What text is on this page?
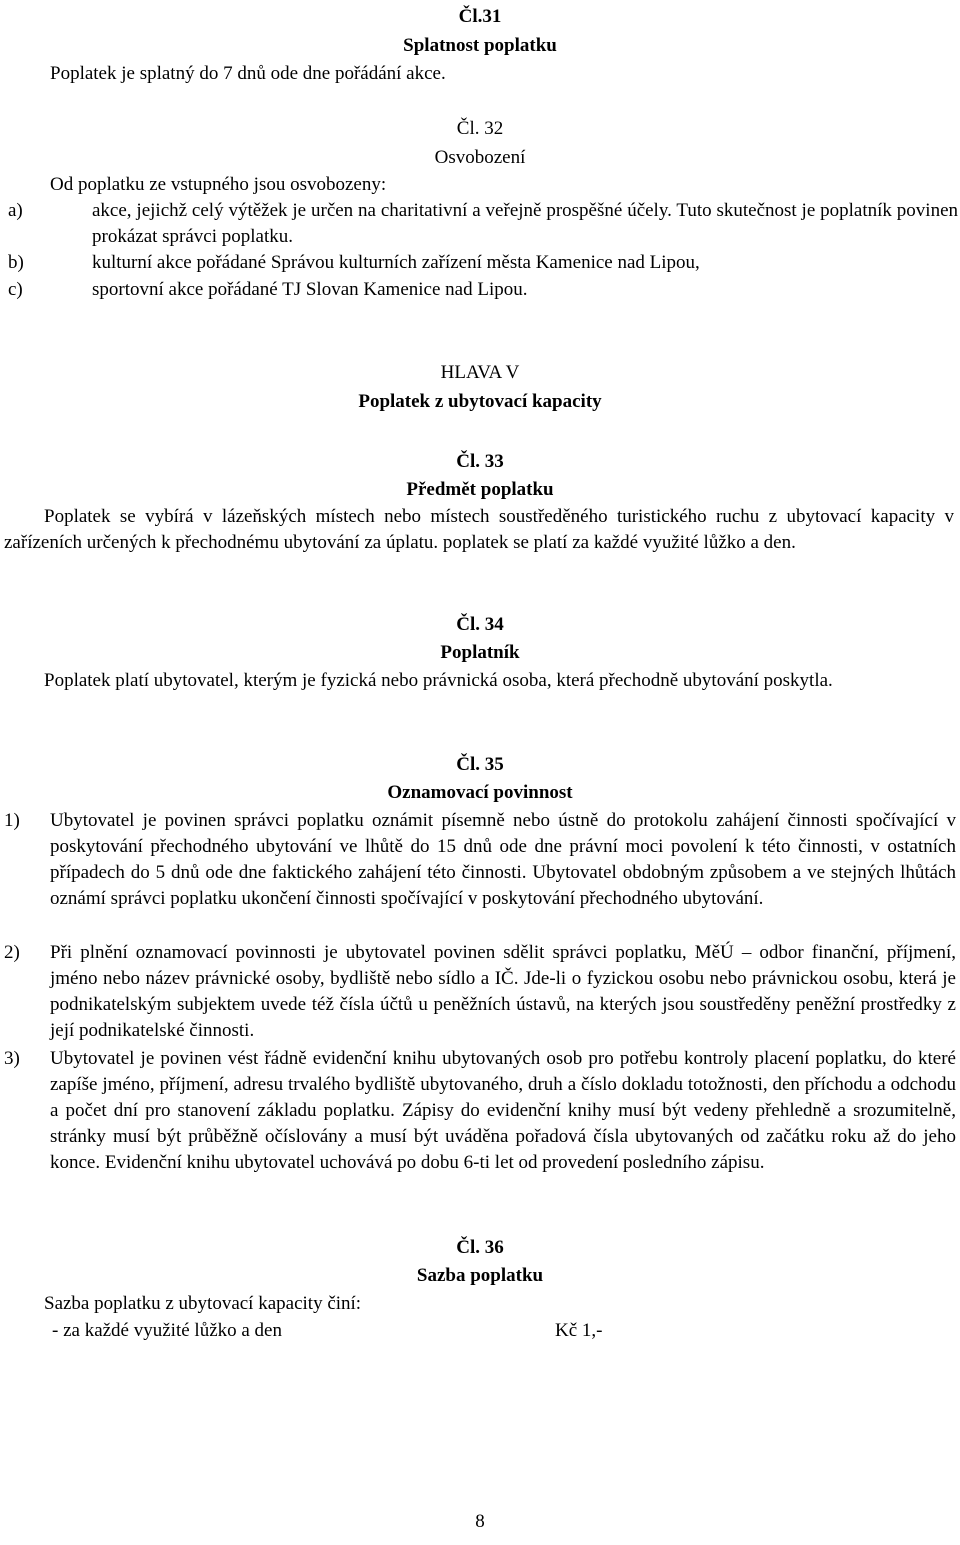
Čl.31
Splatnost poplatku
Poplatek je splatný do 7 dnů ode dne pořádání akce.
Čl. 32
Osvobození
Od poplatku ze vstupného jsou osvobozeny:
a)	akce, jejichž celý výtěžek je určen na charitativní a veřejně prospěšné účely. Tuto skutečnost je poplatník povinen prokázat správci poplatku.
b)	kulturní akce pořádané Správou kulturních zařízení města Kamenice nad Lipou,
c)	sportovní akce pořádané TJ Slovan Kamenice nad Lipou.
HLAVA V
Poplatek z ubytovací kapacity
Čl. 33
Předmět poplatku
Poplatek se vybírá v lázeňských místech nebo místech soustředěného turistického ruchu z ubytovací kapacity v zařízeních určených k přechodnému ubytování za úplatu. poplatek se platí za každé využité lůžko a den.
Čl. 34
Poplatník
Poplatek platí ubytovatel, kterým je fyzická nebo právnická osoba, která přechodně ubytování poskytla.
Čl. 35
Oznamovací povinnost
1) Ubytovatel je povinen správci poplatku oznámit písemně nebo ústně do protokolu zahájení činnosti spočívající v poskytování přechodného ubytování ve lhůtě do 15 dnů ode dne právní moci povolení k této činnosti, v ostatních případech do 5 dnů ode dne faktického zahájení této činnosti. Ubytovatel obdobným způsobem a ve stejných lhůtách oznámí správci poplatku ukončení činnosti spočívající v poskytování přechodného ubytování.
2) Při plnění oznamovací povinnosti je ubytovatel povinen sdělit správci poplatku, MěÚ – odbor finanční, příjmení, jméno nebo název právnické osoby, bydliště nebo sídlo a IČ. Jde-li o fyzickou osobu nebo právnickou osobu, která je podnikatelským subjektem uvede též čísla účtů u peněžních ústavů, na kterých jsou soustředěny peněžní prostředky z její podnikatelské činnosti.
3) Ubytovatel je povinen vést řádně evidenční knihu ubytovaných osob pro potřebu kontroly placení poplatku, do které zapíše jméno, příjmení, adresu trvalého bydliště ubytovaného, druh a číslo dokladu totožnosti, den příchodu a odchodu a počet dní pro stanovení základu poplatku. Zápisy do evidenční knihy musí být vedeny přehledně a srozumitelně, stránky musí být průběžně očíslovány a musí být uváděna pořadová čísla ubytovaných od začátku roku až do jeho konce. Evidenční knihu ubytovatel uchovává po dobu 6-ti let od provedení posledního zápisu.
Čl. 36
Sazba poplatku
Sazba poplatku z ubytovací kapacity činí:
- za každé využité lůžko a den	Kč 1,-
8
